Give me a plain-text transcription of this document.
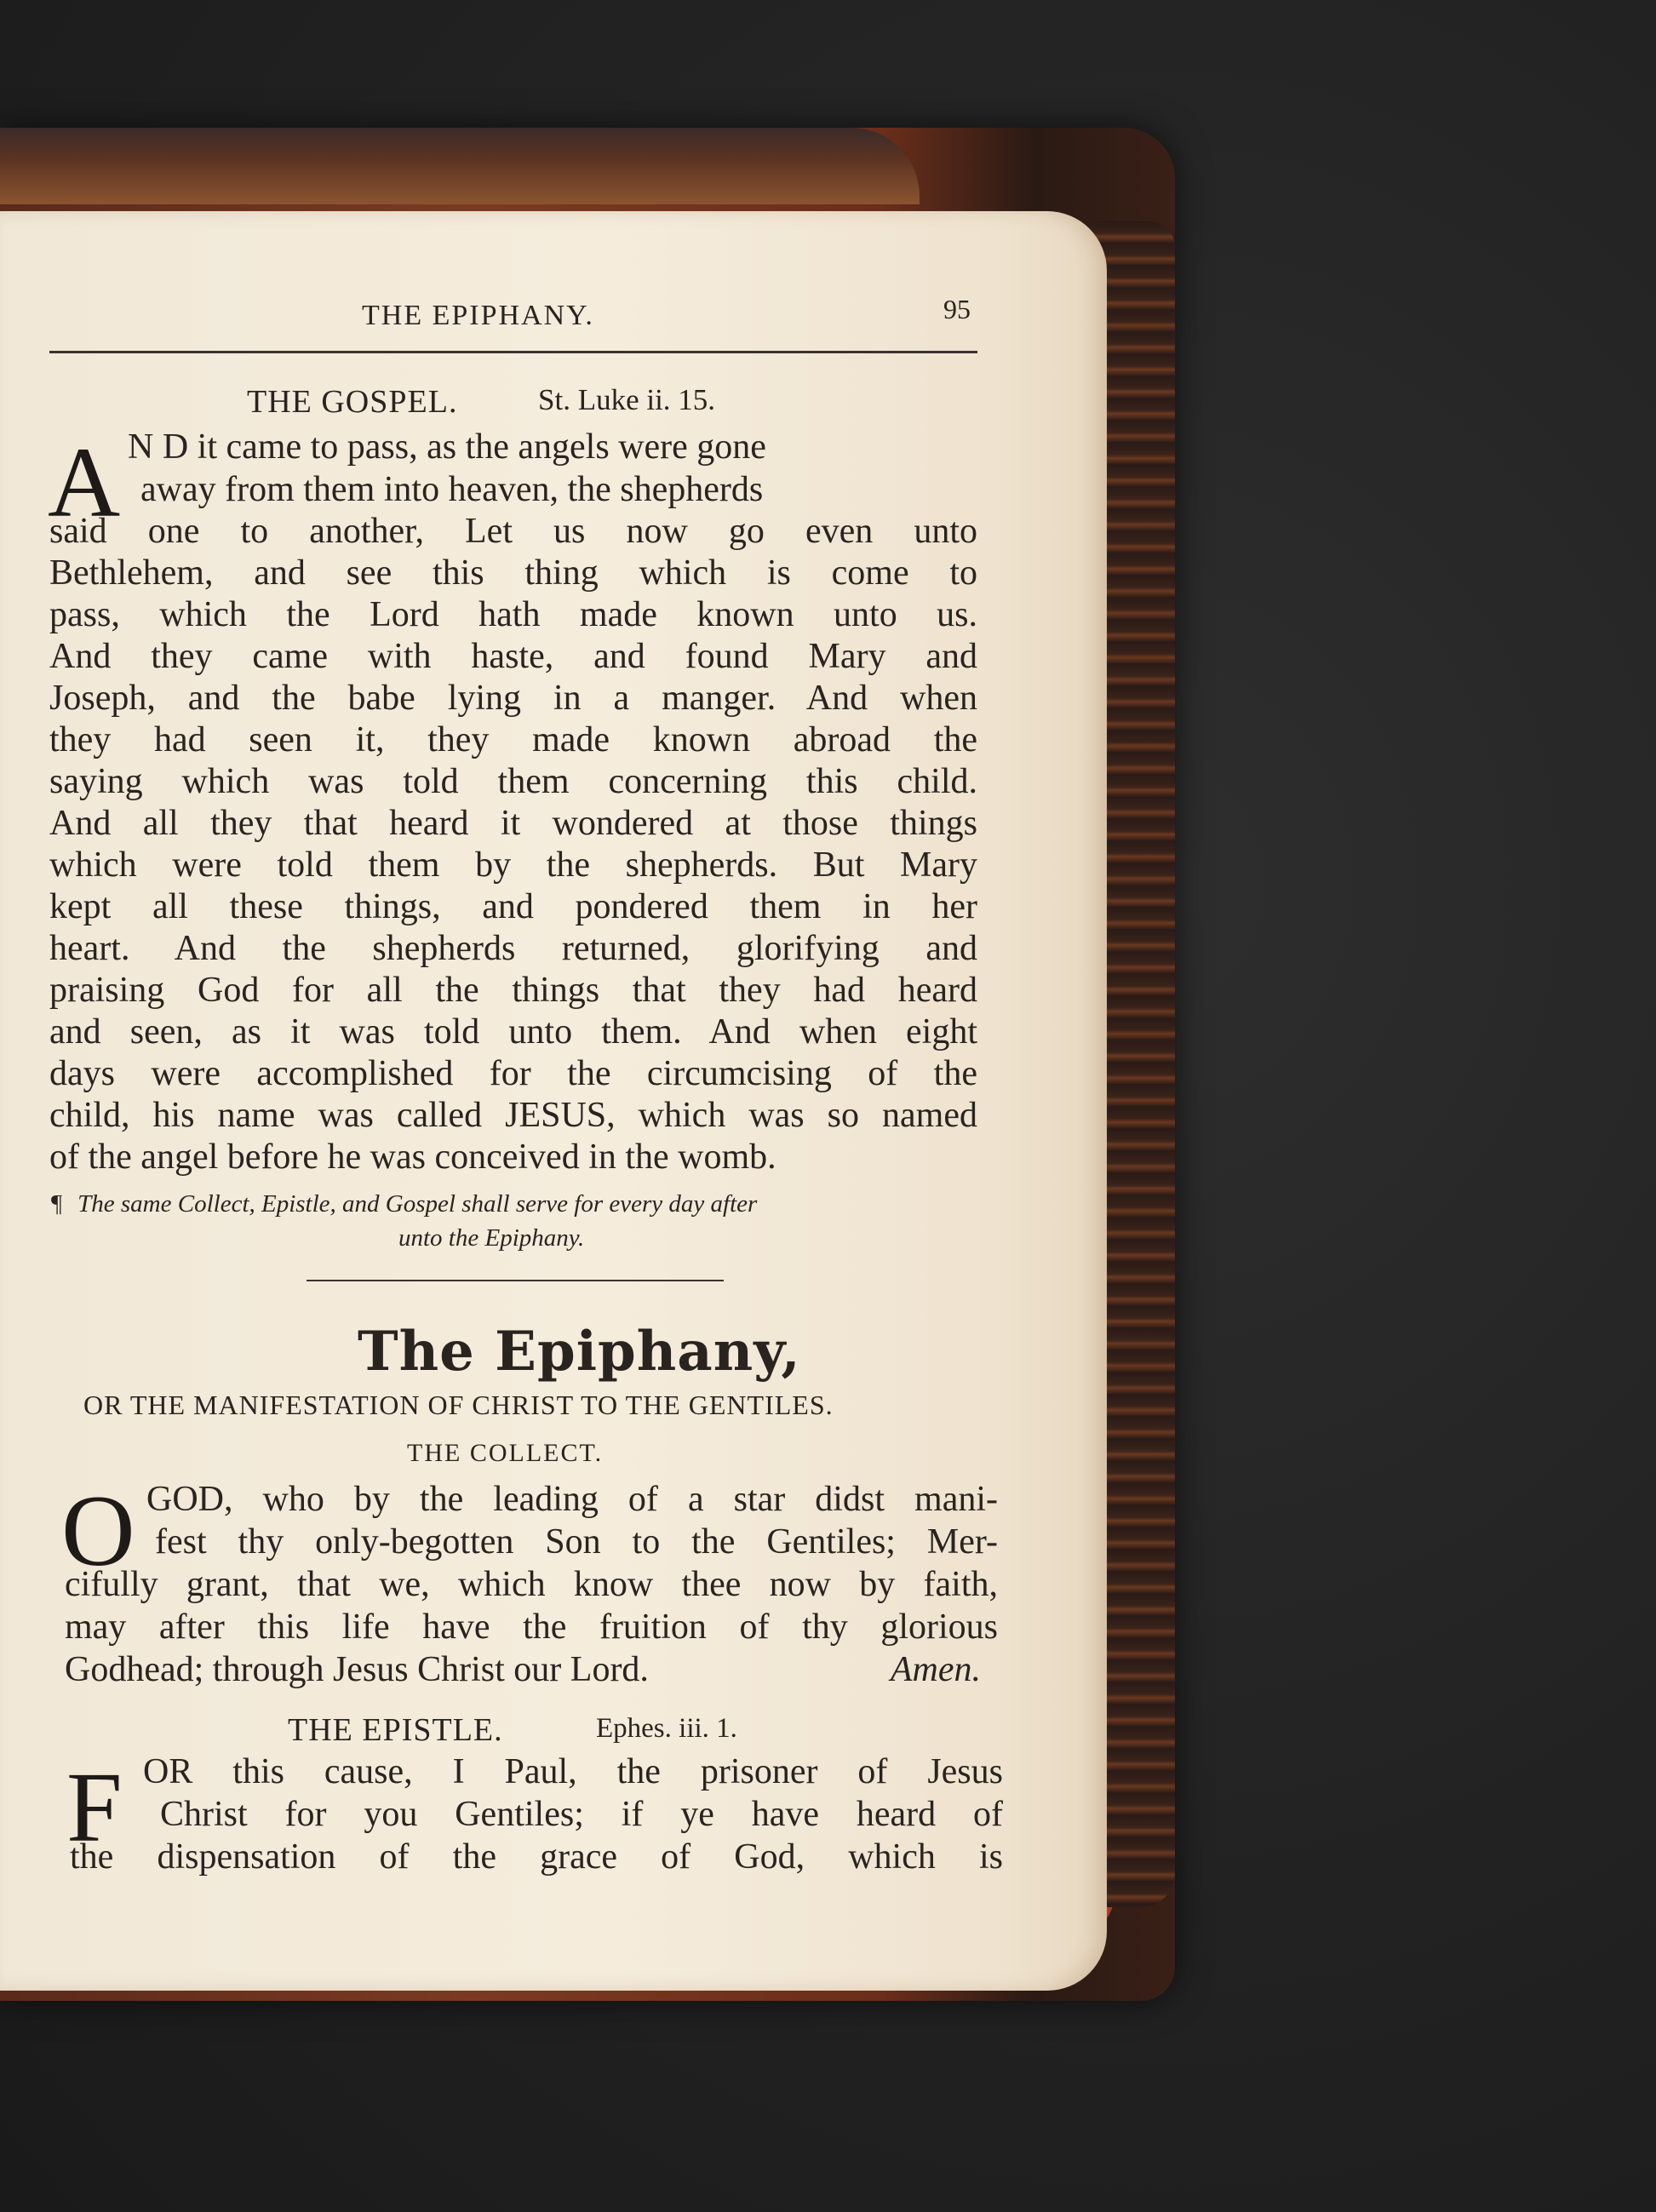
THE EPIPHANY.	95
THE GOSPEL.	St. Luke ii. 15.
A N D it came to pass, as the angels were gone
away from them into heaven, the shepherds
said one to another, Let us now go even unto
Bethlehem, and see this thing which is come to
pass, which the Lord hath made known unto us.
And they came with haste, and found Mary and
Joseph, and the babe lying in a manger. And when
they had seen it, they made known abroad the
saying which was told them concerning this child.
And all they that heard it wondered at those things
which were told them by the shepherds. But Mary
kept all these things, and pondered them in her
heart. And the shepherds returned, glorifying and
praising God for all the things that they had heard
and seen, as it was told unto them. And when eight
days were accomplished for the circumcising of the
child, his name was called JESUS, which was so named
of the angel before he was conceived in the womb.
¶ The same Collect, Epistle, and Gospel shall serve for every day after
unto the Epiphany.
The Epiphany,
OR THE MANIFESTATION OF CHRIST TO THE GENTILES.
THE COLLECT.
O GOD, who by the leading of a star didst mani-
fest thy only-begotten Son to the Gentiles; Mer-
cifully grant, that we, which know thee now by faith,
may after this life have the fruition of thy glorious
Godhead; through Jesus Christ our Lord.	Amen.
THE EPISTLE.	Ephes. iii. 1.
F OR this cause, I Paul, the prisoner of Jesus
Christ for you Gentiles; if ye have heard of
the dispensation of the grace of God, which is
